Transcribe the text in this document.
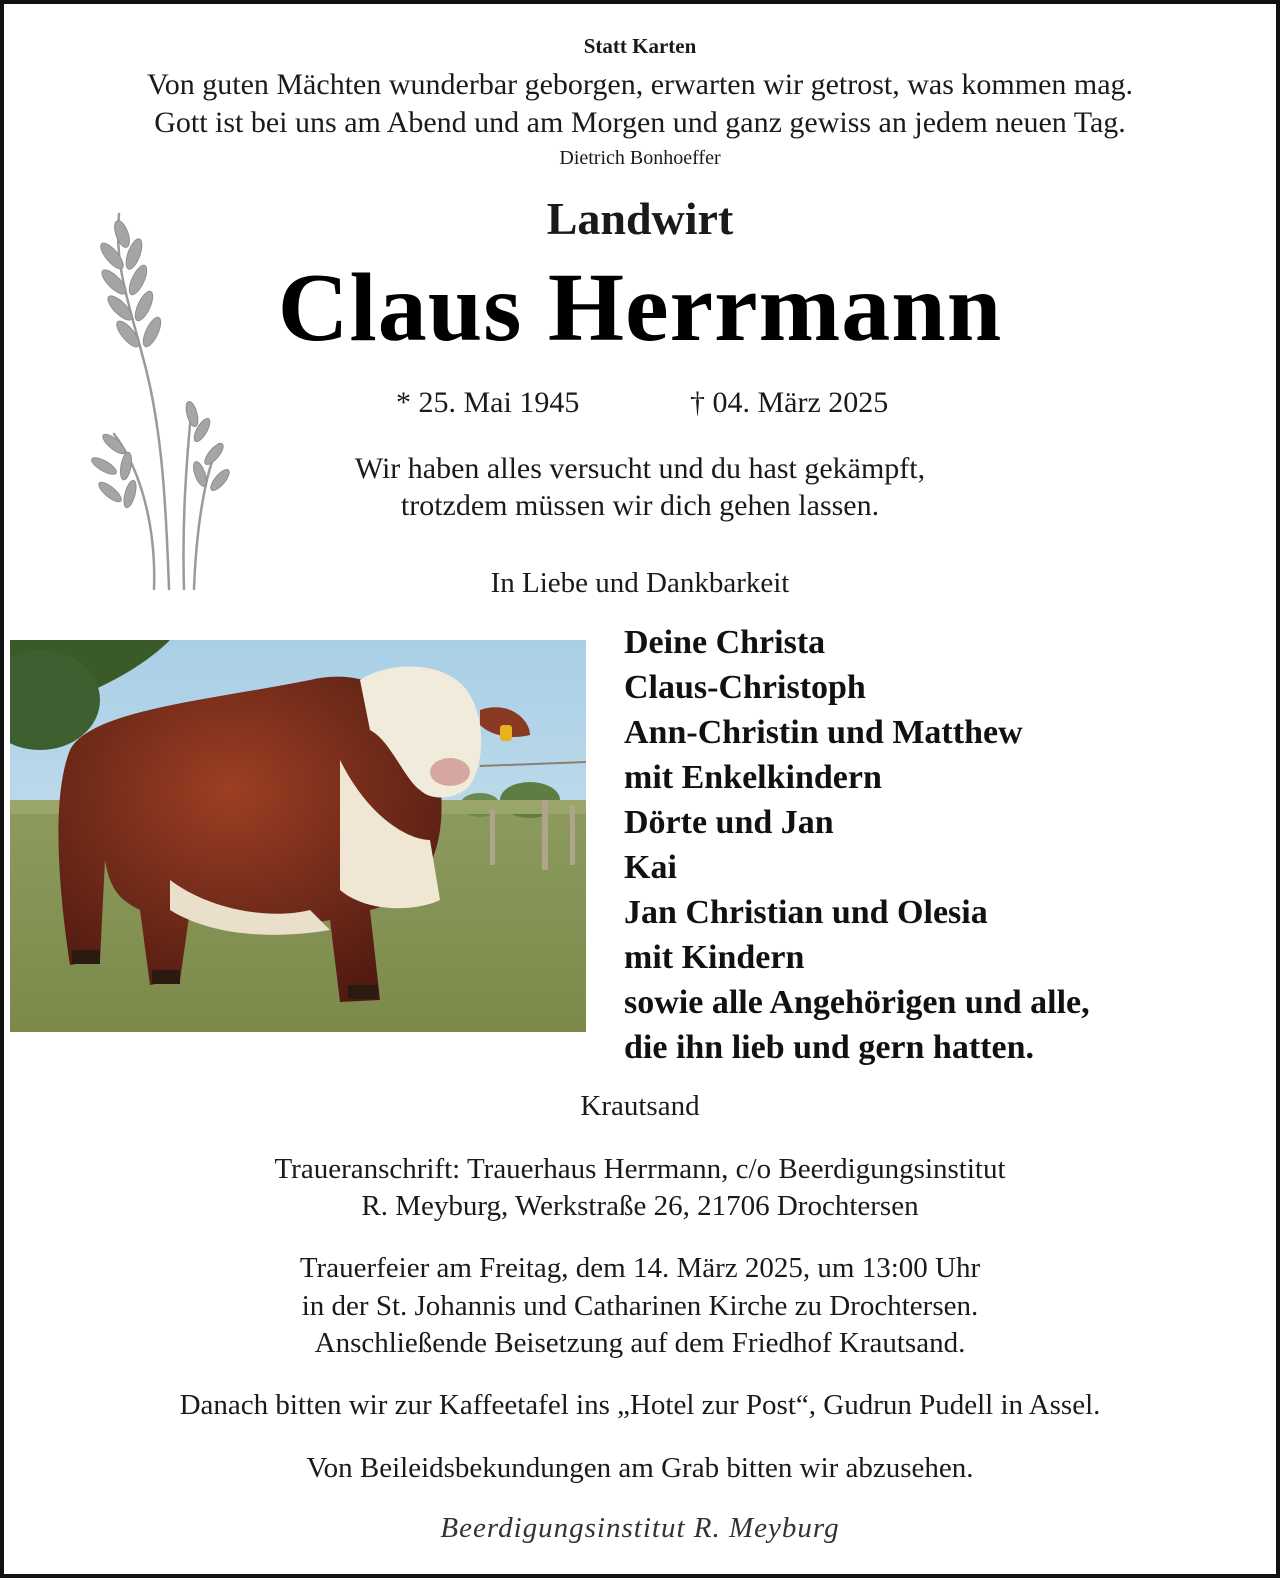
Statt Karten
Von guten Mächten wunderbar geborgen, erwarten wir getrost, was kommen mag.
Gott ist bei uns am Abend und am Morgen und ganz gewiss an jedem neuen Tag.
Dietrich Bonhoeffer
Landwirt
Claus Herrmann
* 25. Mai 1945	† 04. März 2025
Wir haben alles versucht und du hast gekämpft,
trotzdem müssen wir dich gehen lassen.
In Liebe und Dankbarkeit
Deine Christa
Claus-Christoph
Ann-Christin und Matthew
mit Enkelkindern
Dörte und Jan
Kai
Jan Christian und Olesia
mit Kindern
sowie alle Angehörigen und alle,
die ihn lieb und gern hatten.
Krautsand
Traueranschrift: Trauerhaus Herrmann, c/o Beerdigungsinstitut
R. Meyburg, Werkstraße 26, 21706 Drochtersen
Trauerfeier am Freitag, dem 14. März 2025, um 13:00 Uhr
in der St. Johannis und Catharinen Kirche zu Drochtersen.
Anschließende Beisetzung auf dem Friedhof Krautsand.
Danach bitten wir zur Kaffeetafel ins „Hotel zur Post“, Gudrun Pudell in Assel.
Von Beileidsbekundungen am Grab bitten wir abzusehen.
Beerdigungsinstitut R. Meyburg
